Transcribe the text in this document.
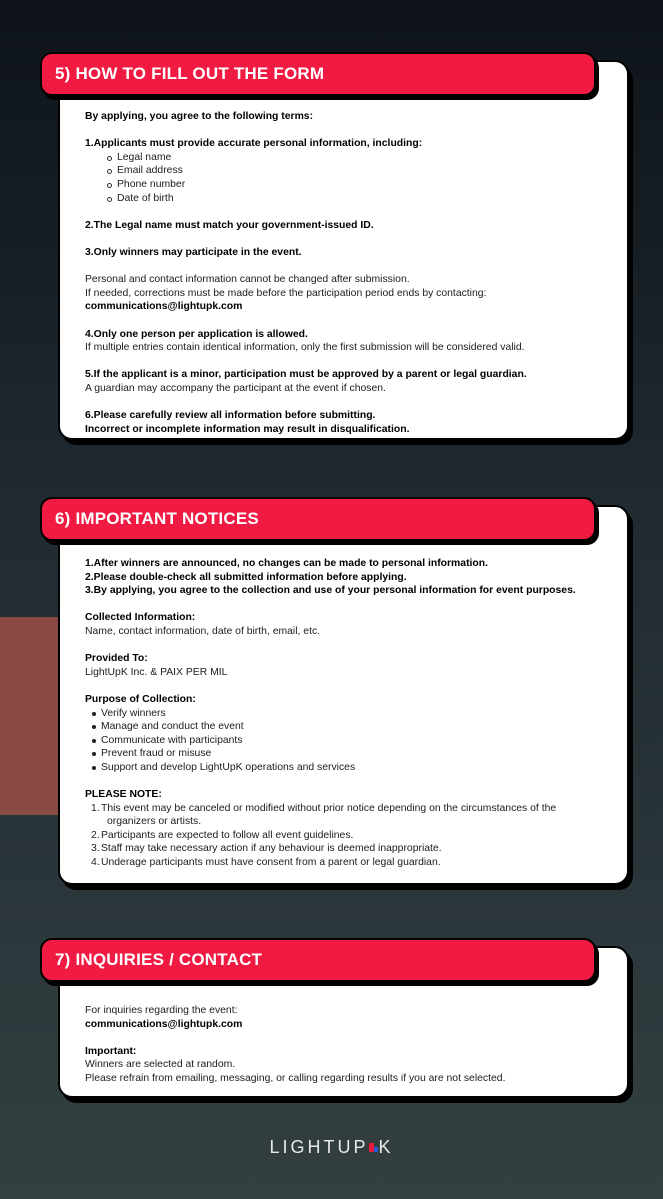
5) HOW TO FILL OUT THE FORM

By applying, you agree to the following terms:

1.Applicants must provide accurate personal information, including:

Legal name
Email address
Phone number
Date of birth

2.The Legal name must match your government-issued ID.

3.Only winners may participate in the event.

Personal and contact information cannot be changed after submission.

If needed, corrections must be made before the participation period ends by contacting:

communications@lightupk.com

4.Only one person per application is allowed.

If multiple entries contain identical information, only the first submission will be considered valid.

5.If the applicant is a minor, participation must be approved by a parent or legal guardian.

A guardian may accompany the participant at the event if chosen.

6.Please carefully review all information before submitting.

Incorrect or incomplete information may result in disqualification.

6) IMPORTANT NOTICES

1.After winners are announced, no changes can be made to personal information.

2.Please double-check all submitted information before applying.

3.By applying, you agree to the collection and use of your personal information for event purposes.

Collected Information:

Name, contact information, date of birth, email, etc.

Provided To:

LightUpK Inc. & PAIX PER MIL

Purpose of Collection:

Verify winners
Manage and conduct the event
Communicate with participants
Prevent fraud or misuse
Support and develop LightUpK operations and services

PLEASE NOTE:

1. This event may be canceled or modified without prior notice depending on the circumstances of the
organizers or artists.
2. Participants are expected to follow all event guidelines.
3. Staff may take necessary action if any behaviour is deemed inappropriate.
4. Underage participants must have consent from a parent or legal guardian.
7) INQUIRIES / CONTACT

For inquiries regarding the event:

communications@lightupk.com

Important:

Winners are selected at random.

Please refrain from emailing, messaging, or calling regarding results if you are not selected.

LIGHTUP K
